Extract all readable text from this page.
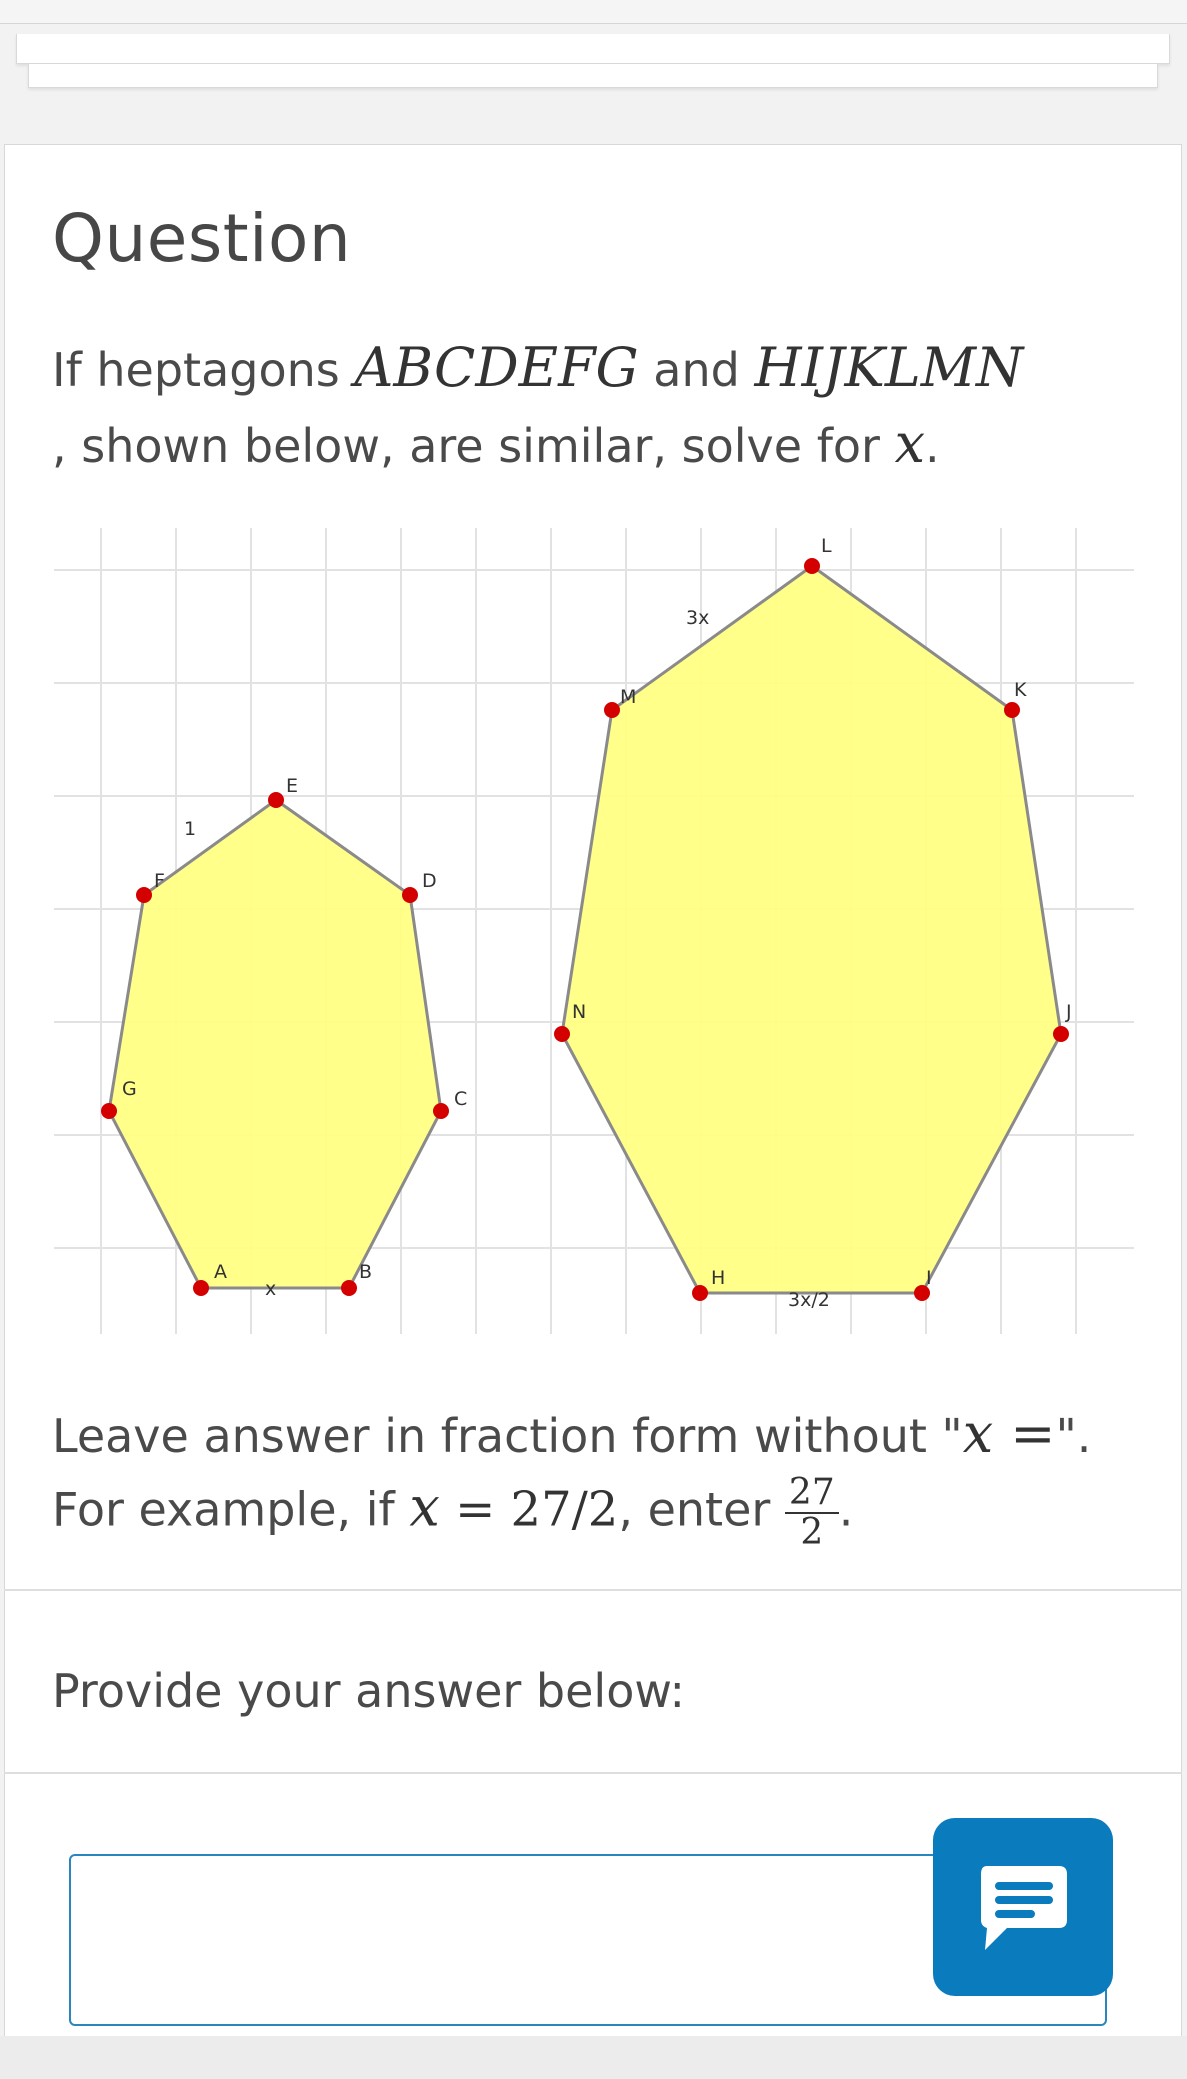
Question
If heptagons ABCDEFG and HIJKLMN
, shown below, are similar, solve for x.
A	B
C
D
E
F
G
x
1
H	I
J
K
L
M
N
3x/2
3x
Leave answer in fraction form without "x =".
For example, if x = 27/2, enter $\frac{27}{2}$ .
Provide your answer below:
